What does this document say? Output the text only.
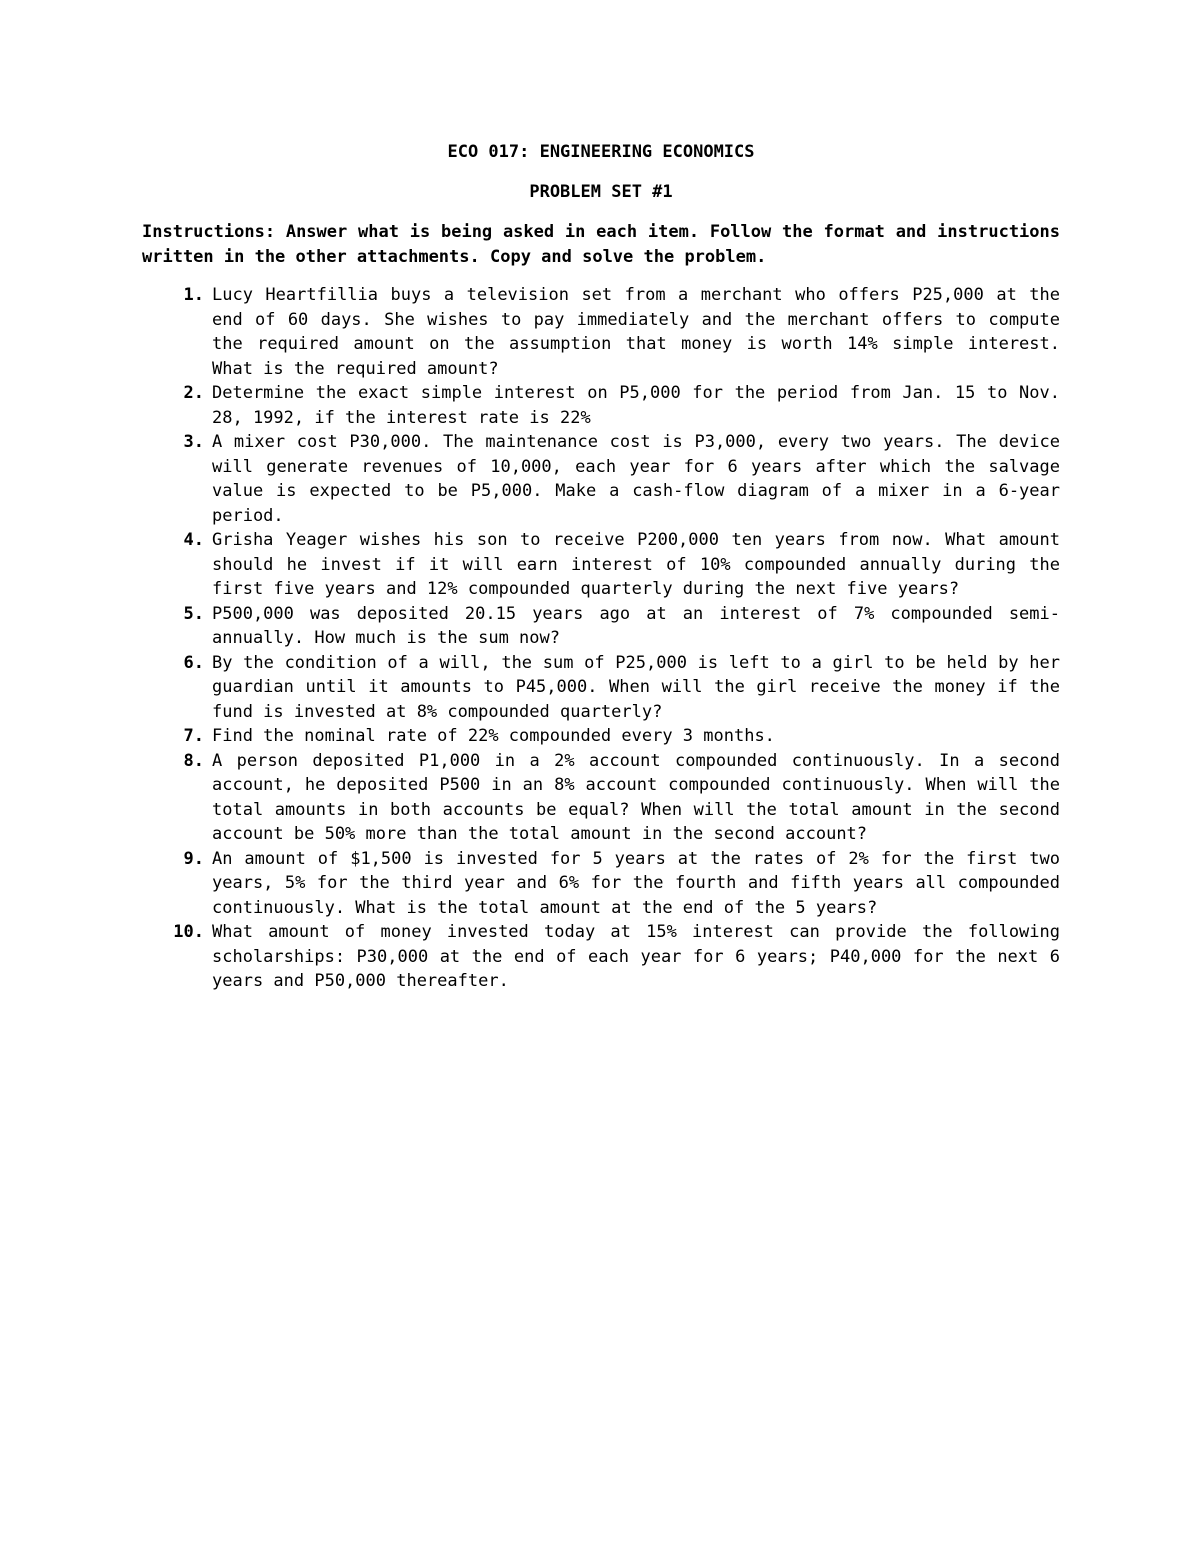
ECO 017: ENGINEERING ECONOMICS

PROBLEM SET #1

Instructions: Answer what is being asked in each item. Follow the format and instructions written in the other attachments. Copy and solve the problem.

1. Lucy Heartfillia buys a television set from a merchant who offers P25,000 at the end of 60 days. She wishes to pay immediately and the merchant offers to compute the required amount on the assumption that money is worth 14% simple interest. What is the required amount?
2. Determine the exact simple interest on P5,000 for the period from Jan. 15 to Nov. 28, 1992, if the interest rate is 22%
3. A mixer cost P30,000. The maintenance cost is P3,000, every two years. The device will generate revenues of 10,000, each year for 6 years after which the salvage value is expected to be P5,000. Make a cash-flow diagram of a mixer in a 6-year period.
4. Grisha Yeager wishes his son to receive P200,000 ten years from now. What amount should he invest if it will earn interest of 10% compounded annually during the first five years and 12% compounded quarterly during the next five years?
5. P500,000 was deposited 20.15 years ago at an interest of 7% compounded semi-annually. How much is the sum now?
6. By the condition of a will, the sum of P25,000 is left to a girl to be held by her guardian until it amounts to P45,000. When will the girl receive the money if the fund is invested at 8% compounded quarterly?
7. Find the nominal rate of 22% compounded every 3 months.
8. A person deposited P1,000 in a 2% account compounded continuously. In a second account, he deposited P500 in an 8% account compounded continuously. When will the total amounts in both accounts be equal? When will the total amount in the second account be 50% more than the total amount in the second account?
9. An amount of $1,500 is invested for 5 years at the rates of 2% for the first two years, 5% for the third year and 6% for the fourth and fifth years all compounded continuously. What is the total amount at the end of the 5 years?
10. What amount of money invested today at 15% interest can provide the following scholarships: P30,000 at the end of each year for 6 years; P40,000 for the next 6 years and P50,000 thereafter.
